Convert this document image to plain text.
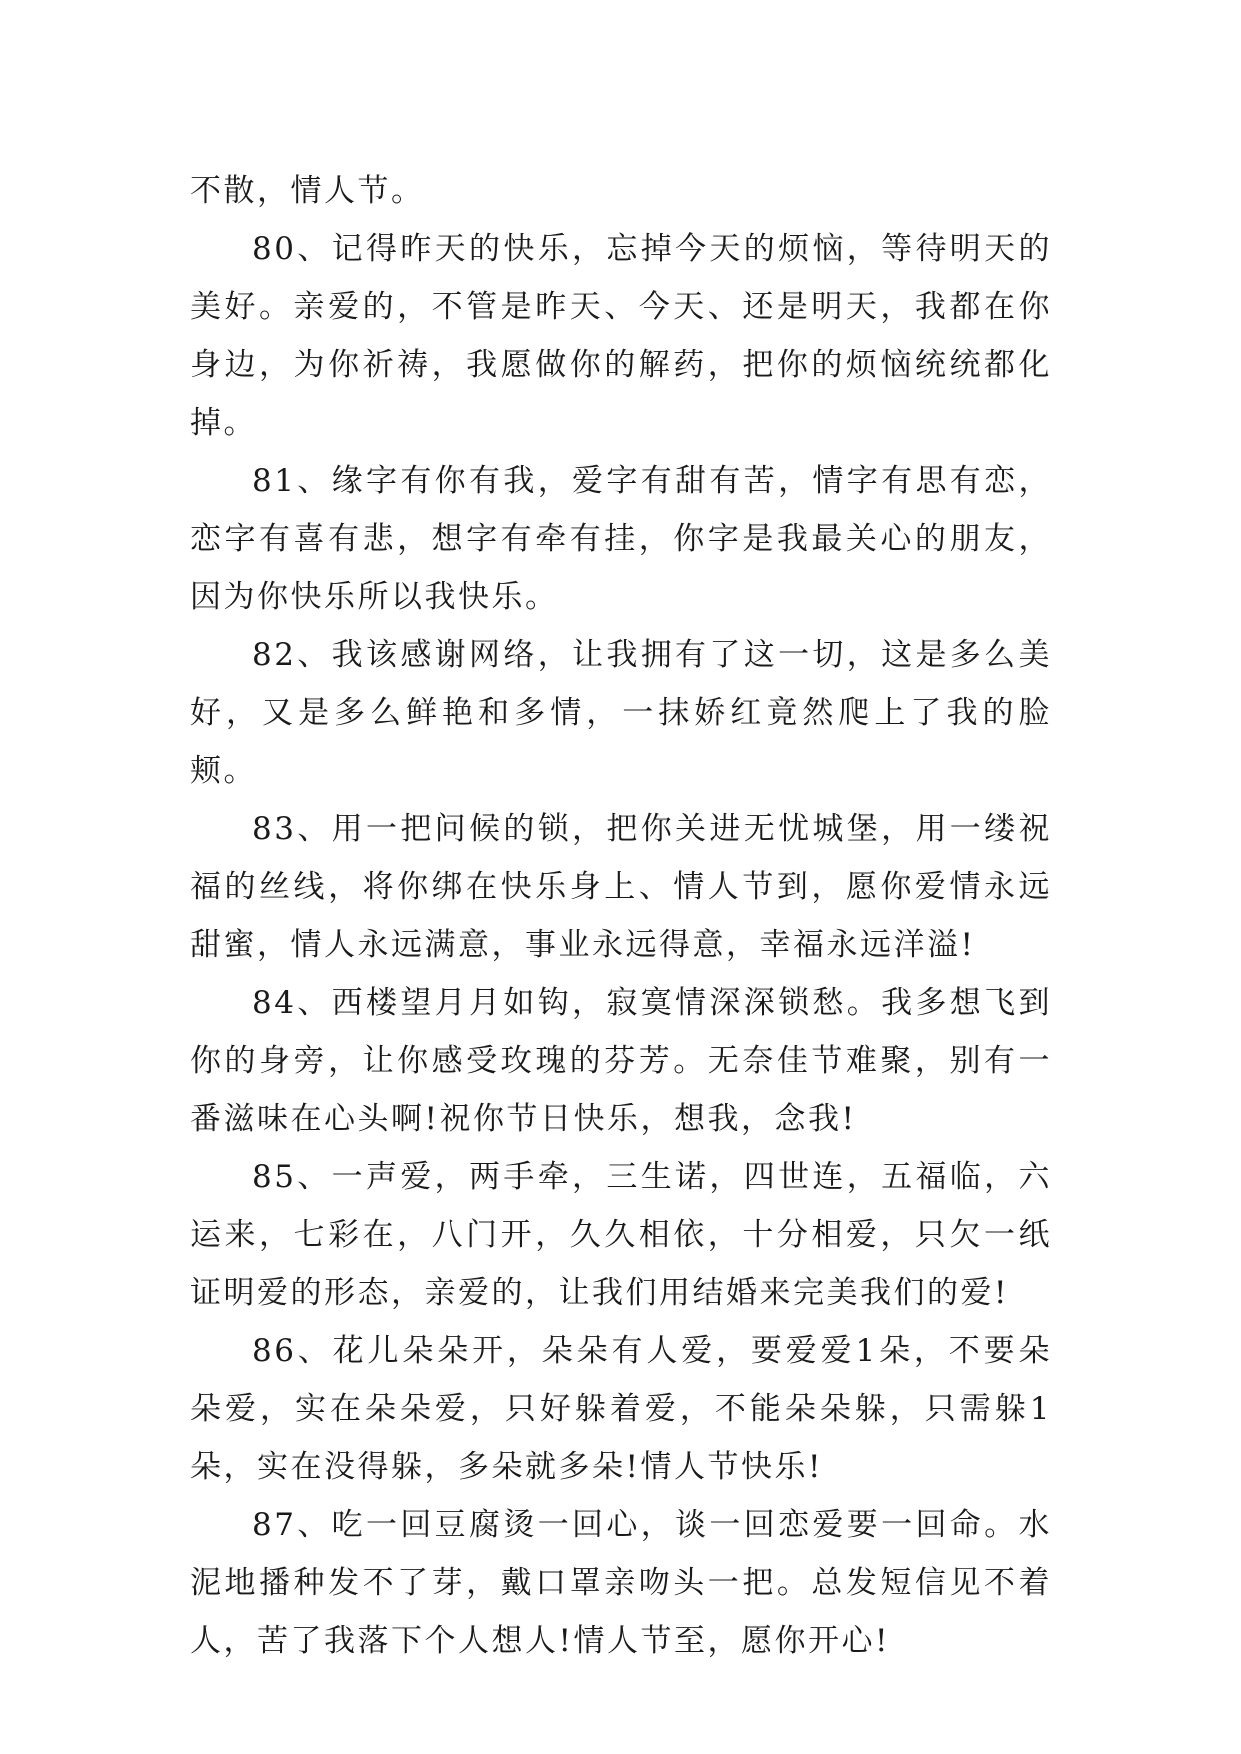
不散，情人节。

80、记得昨天的快乐，忘掉今天的烦恼，等待明天的美好。亲爱的，不管是昨天、今天、还是明天，我都在你身边，为你祈祷，我愿做你的解药，把你的烦恼统统都化掉。

81、缘字有你有我，爱字有甜有苦，情字有思有恋，恋字有喜有悲，想字有牵有挂，你字是我最关心的朋友，因为你快乐所以我快乐。

82、我该感谢网络，让我拥有了这一切，这是多么美好，又是多么鲜艳和多情，一抹娇红竟然爬上了我的脸颊。

83、用一把问候的锁，把你关进无忧城堡，用一缕祝福的丝线，将你绑在快乐身上、情人节到，愿你爱情永远甜蜜，情人永远满意，事业永远得意，幸福永远洋溢!

84、西楼望月月如钩，寂寞情深深锁愁。我多想飞到你的身旁，让你感受玫瑰的芬芳。无奈佳节难聚，别有一番滋味在心头啊!祝你节日快乐，想我，念我!

85、一声爱，两手牵，三生诺，四世连，五福临，六运来，七彩在，八门开，久久相依，十分相爱，只欠一纸证明爱的形态，亲爱的，让我们用结婚来完美我们的爱!

86、花儿朵朵开，朵朵有人爱，要爱爱1朵，不要朵朵爱，实在朵朵爱，只好躲着爱，不能朵朵躲，只需躲1朵，实在没得躲，多朵就多朵!情人节快乐!

87、吃一回豆腐烫一回心，谈一回恋爱要一回命。水泥地播种发不了芽，戴口罩亲吻头一把。总发短信见不着人，苦了我落下个人想人!情人节至，愿你开心!
